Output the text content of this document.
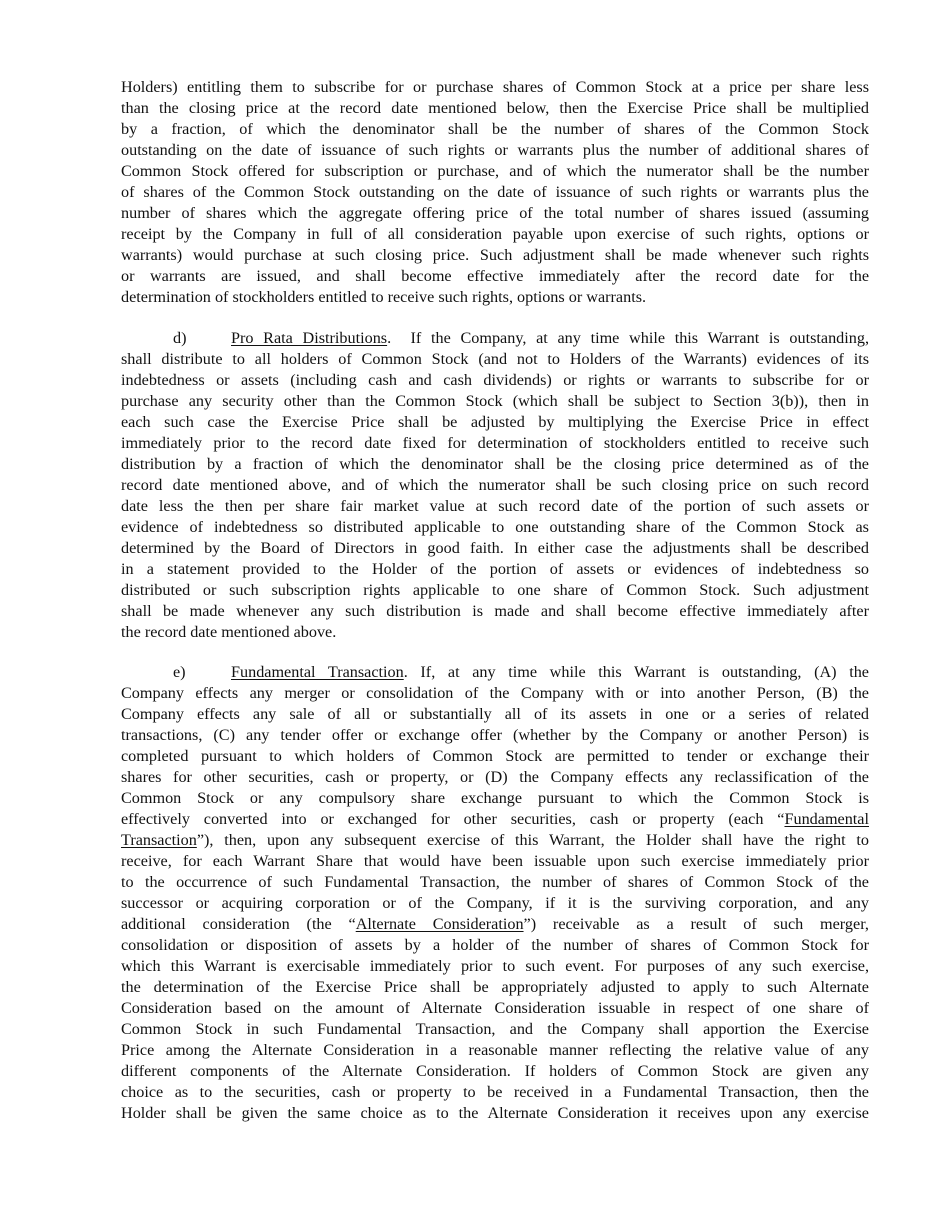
Holders) entitling them to subscribe for or purchase shares of Common Stock at a price per share less
than the closing price at the record date mentioned below, then the Exercise Price shall be multiplied
by a fraction, of which the denominator shall be the number of shares of the Common Stock
outstanding on the date of issuance of such rights or warrants plus the number of additional shares of
Common Stock offered for subscription or purchase, and of which the numerator shall be the number
of shares of the Common Stock outstanding on the date of issuance of such rights or warrants plus the
number of shares which the aggregate offering price of the total number of shares issued (assuming
receipt by the Company in full of all consideration payable upon exercise of such rights, options or
warrants) would purchase at such closing price. Such adjustment shall be made whenever such rights
or warrants are issued, and shall become effective immediately after the record date for the
determination of stockholders entitled to receive such rights, options or warrants.
d)	Pro Rata Distributions.  If the Company, at any time while this Warrant is outstanding,
shall distribute to all holders of Common Stock (and not to Holders of the Warrants) evidences of its
indebtedness or assets (including cash and cash dividends) or rights or warrants to subscribe for or
purchase any security other than the Common Stock (which shall be subject to Section 3(b)), then in
each such case the Exercise Price shall be adjusted by multiplying the Exercise Price in effect
immediately prior to the record date fixed for determination of stockholders entitled to receive such
distribution by a fraction of which the denominator shall be the closing price determined as of the
record date mentioned above, and of which the numerator shall be such closing price on such record
date less the then per share fair market value at such record date of the portion of such assets or
evidence of indebtedness so distributed applicable to one outstanding share of the Common Stock as
determined by the Board of Directors in good faith. In either case the adjustments shall be described
in a statement provided to the Holder of the portion of assets or evidences of indebtedness so
distributed or such subscription rights applicable to one share of Common Stock. Such adjustment
shall be made whenever any such distribution is made and shall become effective immediately after
the record date mentioned above.
e)	Fundamental Transaction. If, at any time while this Warrant is outstanding, (A) the
Company effects any merger or consolidation of the Company with or into another Person, (B) the
Company effects any sale of all or substantially all of its assets in one or a series of related
transactions, (C) any tender offer or exchange offer (whether by the Company or another Person) is
completed pursuant to which holders of Common Stock are permitted to tender or exchange their
shares for other securities, cash or property, or (D) the Company effects any reclassification of the
Common Stock or any compulsory share exchange pursuant to which the Common Stock is
effectively converted into or exchanged for other securities, cash or property (each “Fundamental
Transaction”), then, upon any subsequent exercise of this Warrant, the Holder shall have the right to
receive, for each Warrant Share that would have been issuable upon such exercise immediately prior
to the occurrence of such Fundamental Transaction, the number of shares of Common Stock of the
successor or acquiring corporation or of the Company, if it is the surviving corporation, and any
additional consideration (the “Alternate Consideration”) receivable as a result of such merger,
consolidation or disposition of assets by a holder of the number of shares of Common Stock for
which this Warrant is exercisable immediately prior to such event. For purposes of any such exercise,
the determination of the Exercise Price shall be appropriately adjusted to apply to such Alternate
Consideration based on the amount of Alternate Consideration issuable in respect of one share of
Common Stock in such Fundamental Transaction, and the Company shall apportion the Exercise
Price among the Alternate Consideration in a reasonable manner reflecting the relative value of any
different components of the Alternate Consideration. If holders of Common Stock are given any
choice as to the securities, cash or property to be received in a Fundamental Transaction, then the
Holder shall be given the same choice as to the Alternate Consideration it receives upon any exercise
